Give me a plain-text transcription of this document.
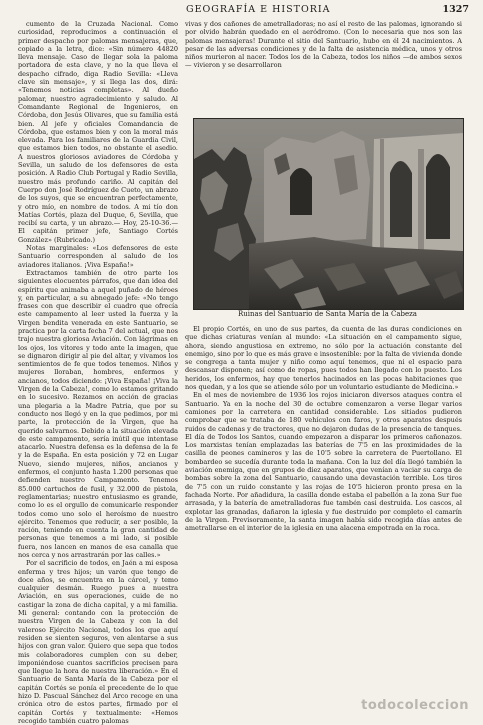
GEOGRAFÍA E HISTORIA	1327

cumento de la Cruzada Nacional. Como curiosidad, reproducimos a continuación el primer despacho por palomas mensajeras, que, copiado a la letra, dice: «Sin número 44820 lleva mensaje. Caso de llegar sola la paloma portadora de esta clave, y no la que lleva el despacho cifrado, diga Radio Sevilla: «Lleva clave sin mensaje», y si llega las dos, dirá: «Tenemos noticias completas». Al dueño palomar, nuestro agradecimiento y saludo. Al Comandante Regional de Ingenieros, en Córdoba, don Jesús Olivares, que su familia está bien. Al jefe y oficiales Comandancia de Córdoba, que estamos bien y con la moral más elevada. Para los familiares de la Guardia Civil, que estamos bien todos, no obstante el asedio. A nuestros gloriosos aviadores de Córdoba y Sevilla, un saludo de los defensores de esta posición. A Radio Club Portugal y Radio Sevilla, nuestro más profundo cariño. Al capitán del Cuerpo don José Rodríguez de Cueto, un abrazo de los suyos, que se encuentran perfectamente, y otro mío, en nombre de todos. A mi tío don Matías Cortés, plaza del Duque, 6, Sevilla, que recibí su carta, y un abrazo.— Hoy, 25-10-36.—El capitán primer jefe, Santiago Cortés González» (Rubricado.)

Notas marginales: «Los defensores de este Santuario corresponden al saludo de los aviadores italianos. ¡Viva España!»

Extractamos también de otro parte los siguientes elocuentes párrafos, que dan idea del espíritu que animaba a aquel puñado de héroes y, en particular, a su abnegado jefe: «No tengo frases con que describir el cuadro que ofrecía este campamento al leer usted la fuerza y la Virgen bendita venerada en este Santuario, se practica por la carta fecha 7 del actual, que nos trajo nuestra gloriosa Aviación. Con lágrimas en los ojos, los vítores y todo ante la imagen, que se dignaron dirigir al pie del altar, y vivamos los sentimientos de fe que todos tenemos. Niños y mujeres lloraban, hombres, enfermos y ancianos, todos diciendo: ¡Viva España! ¡Viva la Virgen de la Cabeza!, como lo estamos gritando en lo sucesivo. Rezamos en acción de gracias una plegaria a la Madre Patria, que por su conducto nos llegó y en la que pedimos, por mi parte, la protección de la Virgen, que ha querido salvarnos. Debido a la situación elevada de este campamento, sería inútil que intentase atacarlo. Nuestra defensa es la defensa de la fe y la de España. En esta posición y 72 en Lugar Nuevo, siendo mujeres, niños, ancianos y enfermos, el conjunto hasta 1.200 personas que defienden nuestro Campamento. Tenemos 85.000 cartuchos de fusil, y 32.000 de pistola, reglamentarias; nuestro entusiasmo es grande, como lo es el orgullo de comunicarle responder todos como uno solo el heroísmo de nuestro ejército. Tenemos que reducir, a ser posible, la ración, teniendo en cuenta la gran cantidad de personas que tenemos a mi lado, si posible fuera, nos lancen en manos de esa canalla que nos cerca y nos arrastrarán por las calles.»

Por el sacrificio de todos, en Jaén a mi esposa enferma y tres hijos; un varón que tengo de doce años, se encuentra en la cárcel, y temo cualquier desmán. Ruego pues a nuestra Aviación, en sus operaciones, cuide de no castigar la zona de dicha capital, y a mi familia. Mi general: contando con la protección de nuestra Virgen de la Cabeza y con la del valeroso Ejército Nacional, todos los que aquí residen se sienten seguros, ven alentarse a sus hijos con gran valor. Quiero que sepa que todos mis colaboradores cumplen con su deber, imponiéndose cuantos sacrificios precisen para que llegue la hora de nuestra liberación.» En el Santuario de Santa María de la Cabeza por el capitán Cortés se ponía el precedente de lo que hizo D. Pascual Sánchez del Arco recoge en una crónica otro de estos partes, firmado por el capitán Cortés y textualmente: «Hemos recogido también cuatro palomas

vivas y dos cañones de ametralladoras; no así el resto de las palomas, ignorando si por olvido habrán quedado en el aeródromo. (Con lo necesaria que nos son las palomas mensajeras! Durante el sitio del Santuario, hubo en él 24 nacimientos. A pesar de las adversas condiciones y de la falta de asistencia médica, unos y otros niños murieron al nacer. Todos los de la Cabeza, todos los niños —de ambos sexos— vivieron y se desarrollaron

Ruinas del Santuario de Santa María de la Cabeza

El propio Cortés, en uno de sus partes, da cuenta de las duras condiciones en que dichas criaturas venían al mundo: «La situación en el campamento sigue, ahora, siendo angustiosa en extremo, no sólo por la actuación constante del enemigo, sino por lo que es más grave e insostenible: por la falta de vivienda donde se congrega a tanta mujer y niño como aquí tenemos, que ni el espacio para descansar disponen; así como de ropas, pues todos han llegado con lo puesto. Los heridos, los enfermos, hay que tenerlos hacinados en las pocas habitaciones que nos quedan, y a los que se atiende sólo por un voluntario estudiante de Medicina.»

En el mes de noviembre de 1936 los rojos iniciaron diversos ataques contra el Santuario. Ya en la noche del 30 de octubre comenzaron a verse llegar varios camiones por la carretera en cantidad considerable. Los sitiados pudieron comprobar que se trataba de 180 vehículos con faros, y otros aparatos después ruidos de cadenas y de tractores, que no dejaron dudas de la presencia de tanques. El día de Todos los Santos, cuando empezaron a disparar los primeros cañonazos. Los marxistas tenían emplazadas las baterías de 7'5 en las proximidades de la casilla de peones camineros y las de 10'5 sobre la carretera de Puertollano. El bombardeo se sucedía durante toda la mañana. Con la luz del día llegó también la aviación enemiga, que en grupos de diez aparatos, que venían a vaciar su carga de bombas sobre la zona del Santuario, causando una devastación terrible. Los tiros de 7'5 con un ruido constante y las rojas de 10'5 hicieron pronto presa en la fachada Norte. Por añadidura, la casilla donde estaba el pabellón a la zona Sur fue arrasada, y la batería de ametralladoras fue tambén casi destruida. Los cascos, al explotar las granadas, dañaron la iglesia y fue destruido por completo el camarín de la Virgen. Previsoramente, la santa imagen había sido recogida días antes de ametrallarse en el interior de la iglesia en una alacena empotrada en la roca.

todocoleccion
